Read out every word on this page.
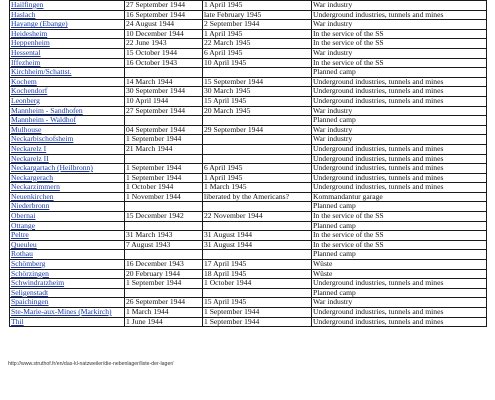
Hailfingen	27 September 1944	1 April 1945	War industry
Haslach	16 September 1944	late February 1945	Underground industries, tunnels and mines
Hayange (Ebange)	24 August 1944	2 September 1944	War industry
Heidesheim	10 December 1944	1 April 1945	In the service of the SS
Heppenheim	22 June 1943	22 March 1945	In the service of the SS
Hessental	15 October 1944	6 April 1945	War industry
Iffezheim	16 October 1943	10 April 1945	In the service of the SS
Kirchheim/Schattst.			Planned camp
Kochem	14 March 1944	15 September 1944	Underground industries, tunnels and mines
Kochendorf	30 September 1944	30 March 1945	Underground industries, tunnels and mines
Leonberg	10 April 1944	15 April 1945	Underground industries, tunnels and mines
Mannheim - Sandhofen	27 September 1944	20 March 1945	War industry
Mannheim - Waldhof			Planned camp
Mulhouse	04 September 1944	29 September 1944	War industry
Neckarbischofsheim	1 September 1944		War industry
Neckarelz I	21 March 1944		Underground industries, tunnels and mines
Neckarelz II			Underground industries, tunnels and mines
Neckargartach (Heilbronn)	1 September 1944	6 April 1945	Underground industries, tunnels and mines
Neckargerach	1 September 1944	1 April 1945	Underground industries, tunnels and mines
Neckarzimmern	1 October 1944	1 March 1945	Underground industries, tunnels and mines
Neuenkirchen	1 November 1944	liberated by the Americans?	Kommandantur garage
Niederbronn			Planned camp
Obernai	15 December 1942	22 November 1944	In the service of the SS
Ottange			Planned camp
Peltre	31 March 1943	31 August 1944	In the service of the SS
Queuleu	7 August 1943	31 August 1944	In the service of the SS
Rothau			Planned camp
Schömberg	16 December 1943	17 April 1945	Wüste
Schörzingen	20 February 1944	18 April 1945	Wüste
Schwindratzheim	1 September 1944	1 October 1944	Underground industries, tunnels and mines
Seligenstadt			Planned camp
Spaichingen	26 September 1944	15 April 1945	War industry
Ste-Marie-aux-Mines (Markirch)	1 March 1944	1 September 1944	Underground industries, tunnels and mines
Thil	1 June 1944	1 September 1944	Underground industries, tunnels and mines
http://www.struthof.fr/en/das-kl-natzweiler/die-nebenlager/liste-der-lager/
